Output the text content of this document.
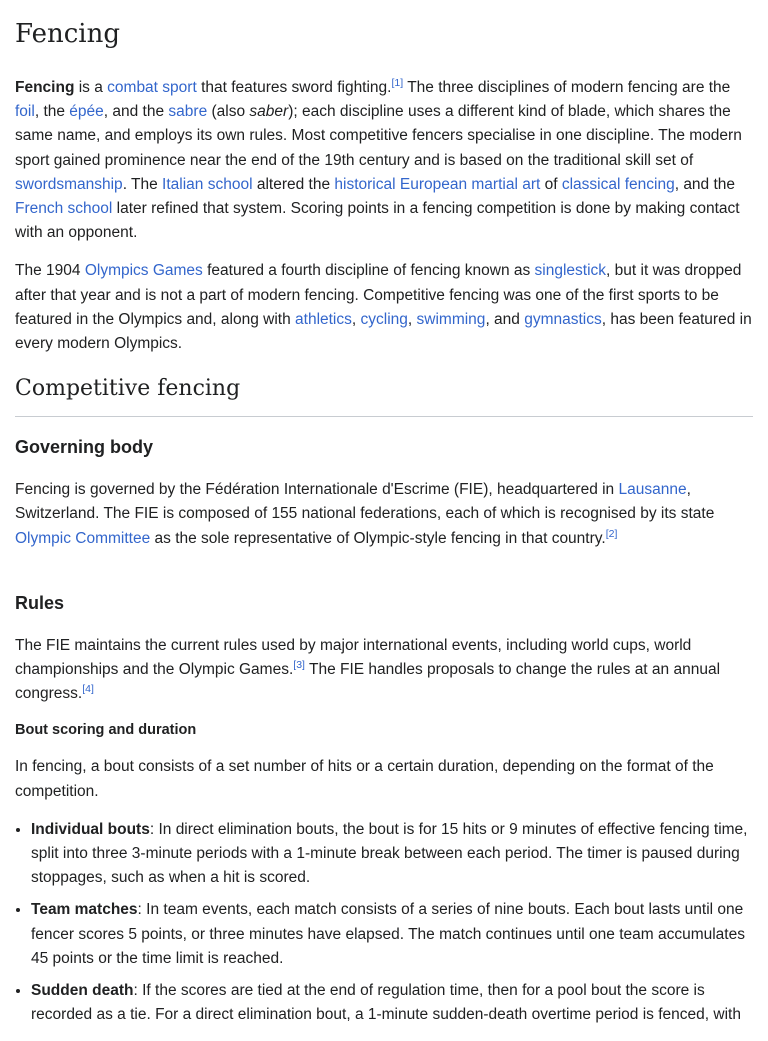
Fencing

Fencing is a combat sport that features sword fighting.[1] The three disciplines of modern fencing are the foil, the épée, and the sabre (also saber); each discipline uses a different kind of blade, which shares the same name, and employs its own rules. Most competitive fencers specialise in one discipline. The modern sport gained prominence near the end of the 19th century and is based on the traditional skill set of swordsmanship. The Italian school altered the historical European martial art of classical fencing, and the French school later refined that system. Scoring points in a fencing competition is done by making contact with an opponent.

The 1904 Olympics Games featured a fourth discipline of fencing known as singlestick, but it was dropped after that year and is not a part of modern fencing. Competitive fencing was one of the first sports to be featured in the Olympics and, along with athletics, cycling, swimming, and gymnastics, has been featured in every modern Olympics.

Competitive fencing
Governing body

Fencing is governed by the Fédération Internationale d'Escrime (FIE), headquartered in Lausanne, Switzerland. The FIE is composed of 155 national federations, each of which is recognised by its state Olympic Committee as the sole representative of Olympic-style fencing in that country.[2]

Rules

The FIE maintains the current rules used by major international events, including world cups, world championships and the Olympic Games.[3] The FIE handles proposals to change the rules at an annual congress.[4]

Bout scoring and duration

In fencing, a bout consists of a set number of hits or a certain duration, depending on the format of the competition.

• Individual bouts: In direct elimination bouts, the bout is for 15 hits or 9 minutes of effective fencing time, split into three 3-minute periods with a 1-minute break between each period. The timer is paused during stoppages, such as when a hit is scored.
• Team matches: In team events, each match consists of a series of nine bouts. Each bout lasts until one fencer scores 5 points, or three minutes have elapsed. The match continues until one team accumulates 45 points or the time limit is reached.
• Sudden death: If the scores are tied at the end of regulation time, then for a pool bout the score is recorded as a tie. For a direct elimination bout, a 1-minute sudden-death overtime period is fenced, with
